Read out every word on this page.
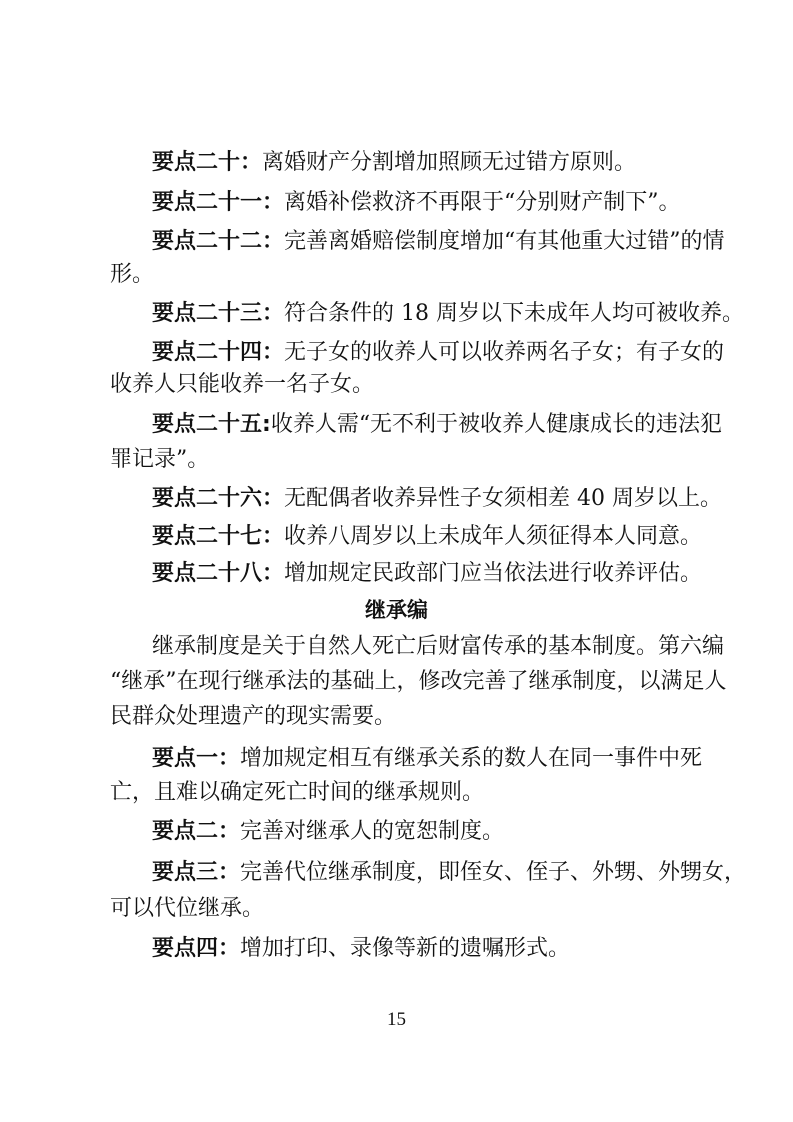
要点二十：离婚财产分割增加照顾无过错方原则。
要点二十一：离婚补偿救济不再限于“分别财产制下”。
要点二十二：完善离婚赔偿制度增加“有其他重大过错”的情
形。
要点二十三：符合条件的 18 周岁以下未成年人均可被收养。
要点二十四：无子女的收养人可以收养两名子女；有子女的
收养人只能收养一名子女。
要点二十五:收养人需“无不利于被收养人健康成长的违法犯
罪记录”。
要点二十六：无配偶者收养异性子女须相差 40 周岁以上。
要点二十七：收养八周岁以上未成年人须征得本人同意。
要点二十八：增加规定民政部门应当依法进行收养评估。
继承编
继承制度是关于自然人死亡后财富传承的基本制度。第六编
“继承”在现行继承法的基础上，修改完善了继承制度，以满足人
民群众处理遗产的现实需要。
要点一：增加规定相互有继承关系的数人在同一事件中死
亡，且难以确定死亡时间的继承规则。
要点二：完善对继承人的宽恕制度。
要点三：完善代位继承制度，即侄女、侄子、外甥、外甥女，
可以代位继承。
要点四：增加打印、录像等新的遗嘱形式。
15
